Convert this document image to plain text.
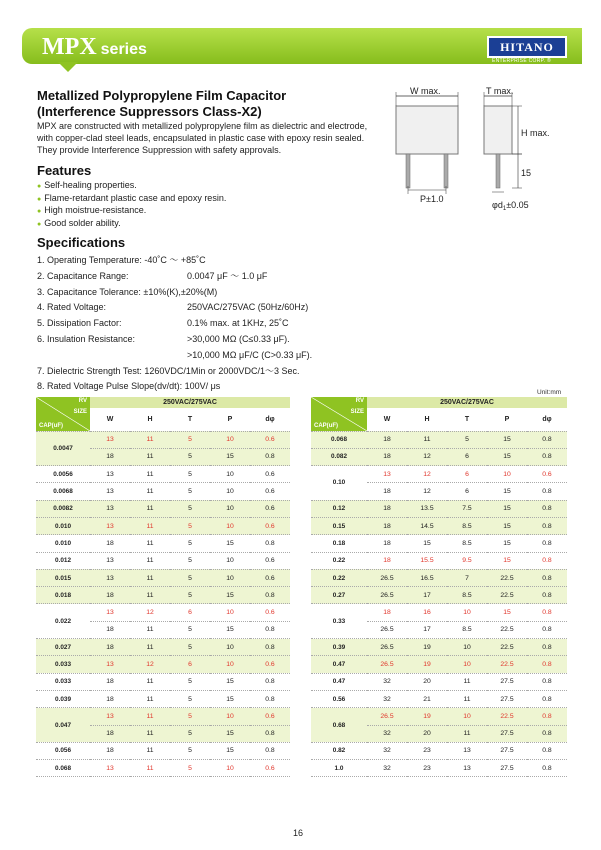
MPX series	HITANO
ENTERPRISE CORP. ®
Metallized Polypropylene Film Capacitor
(Interference Suppressors Class-X2)
MPX are constructed with metallized polypropylene film as dielectric and electrode, with copper-clad steel leads, encapsulated in plastic case with epoxy resin sealed. They provide Interference Suppression with safety approvals.
Features
● Self-healing properties.
● Flame-retardant plastic case and epoxy resin.
● High moistrue-resistance.
● Good solder ability.
Specifications
1. Operating Temperature: -40˚C ～ +85˚C
2. Capacitance Range:	0.0047 μF ～ 1.0 μF
3. Capacitance Tolerance: ±10%(K),±20%(M)
4. Rated Voltage:	250VAC/275VAC (50Hz/60Hz)
5. Dissipation Factor:	0.1% max. at 1KHz, 25˚C
6. Insulation Resistance:	>30,000 MΩ (C≤0.33 μF).
>10,000 MΩ μF/C (C>0.33 μF).
7. Dielectric Strength Test: 1260VDC/1Min or 2000VDC/1～3 Sec.
8. Rated Voltage Pulse Slope(dv/dt): 100V/ μs
W max.
P±1.0
T max.
H max.
15
$\varphi d_1\pm 0.05$
Unit:mm
RV
SIZE
CAP(uF)	250VAC/275VAC				
	W	H	T	P	dφ
0.0047	13	11	5	10	0.6
	18	11	5	15	0.8
0.0056	13	11	5	10	0.6
0.0068	13	11	5	10	0.6
0.0082	13	11	5	10	0.6
0.010	13	11	5	10	0.6
0.010	18	11	5	15	0.8
0.012	13	11	5	10	0.6
0.015	13	11	5	10	0.6
0.018	18	11	5	15	0.8
0.022	13	12	6	10	0.6
	18	11	5	15	0.8
0.027	18	11	5	10	0.8
0.033	13	12	6	10	0.6
0.033	18	11	5	15	0.8
0.039	18	11	5	15	0.8
0.047	13	11	5	10	0.6
	18	11	5	15	0.8
0.056	18	11	5	15	0.8
0.068	13	11	5	10	0.6
RV
SIZE
CAP(uF)	250VAC/275VAC				
	W	H	T	P	dφ
0.068	18	11	5	15	0.8
0.082	18	12	6	15	0.8
0.10	13	12	6	10	0.6
	18	12	6	15	0.8
0.12	18	13.5	7.5	15	0.8
0.15	18	14.5	8.5	15	0.8
0.18	18	15	8.5	15	0.8
0.22	18	15.5	9.5	15	0.8
0.22	26.5	16.5	7	22.5	0.8
0.27	26.5	17	8.5	22.5	0.8
0.33	18	16	10	15	0.8
	26.5	17	8.5	22.5	0.8
0.39	26.5	19	10	22.5	0.8
0.47	26.5	19	10	22.5	0.8
0.47	32	20	11	27.5	0.8
0.56	32	21	11	27.5	0.8
0.68	26.5	19	10	22.5	0.8
	32	20	11	27.5	0.8
0.82	32	23	13	27.5	0.8
1.0	32	23	13	27.5	0.8
16
